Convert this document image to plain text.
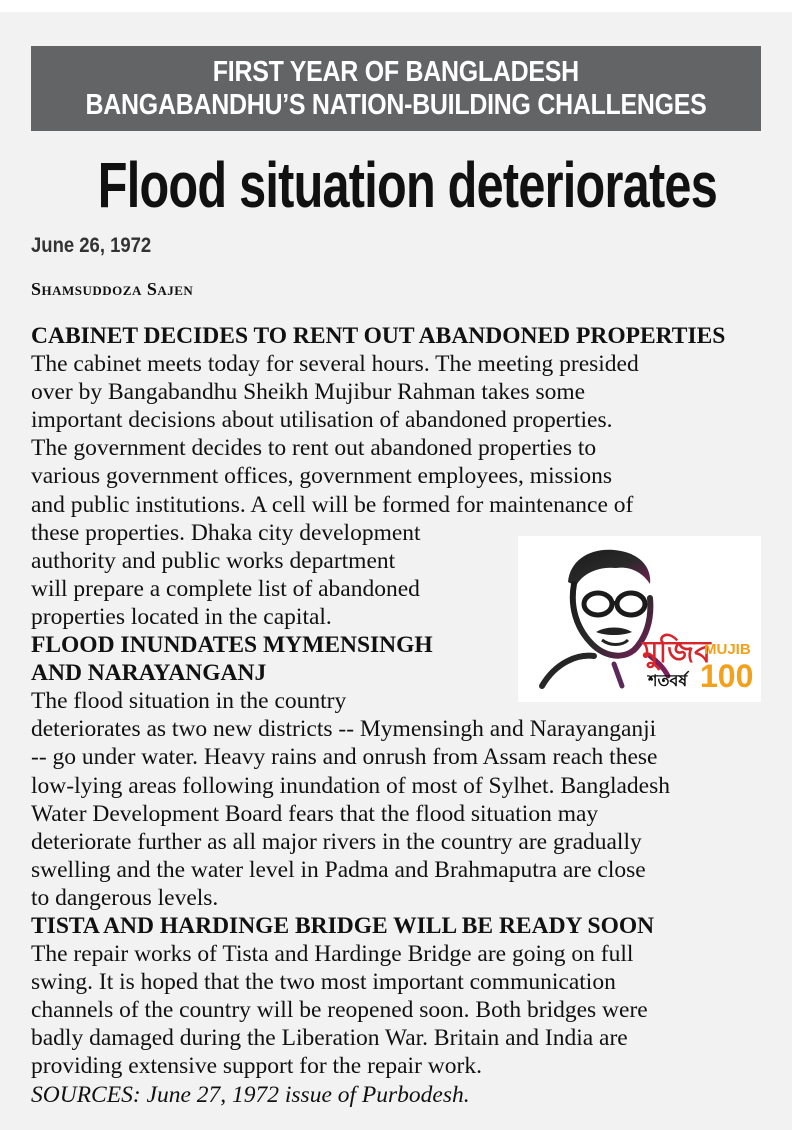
FIRST YEAR OF BANGLADESH
BANGABANDHU’S NATION-BUILDING CHALLENGES
Flood situation deteriorates
June 26, 1972
Shamsuddoza Sajen
CABINET DECIDES TO RENT OUT ABANDONED PROPERTIES
The cabinet meets today for several hours. The meeting presided
over by Bangabandhu Sheikh Mujibur Rahman takes some
important decisions about utilisation of abandoned properties.
The government decides to rent out abandoned properties to
various government offices, government employees, missions
and public institutions. A cell will be formed for maintenance of
these properties. Dhaka city development
authority and public works department
will prepare a complete list of abandoned
properties located in the capital.
FLOOD INUNDATES MYMENSINGH
AND NARAYANGANJ
The flood situation in the country
deteriorates as two new districts -- Mymensingh and Narayanganji
-- go under water. Heavy rains and onrush from Assam reach these
low-lying areas following inundation of most of Sylhet. Bangladesh
Water Development Board fears that the flood situation may
deteriorate further as all major rivers in the country are gradually
swelling and the water level in Padma and Brahmaputra are close
to dangerous levels.
TISTA AND HARDINGE BRIDGE WILL BE READY SOON
The repair works of Tista and Hardinge Bridge are going on full
swing. It is hoped that the two most important communication
channels of the country will be reopened soon. Both bridges were
badly damaged during the Liberation War. Britain and India are
providing extensive support for the repair work.
SOURCES: June 27, 1972 issue of Purbodesh.
মুজিব
শতবর্ষ
MUJIB
100
